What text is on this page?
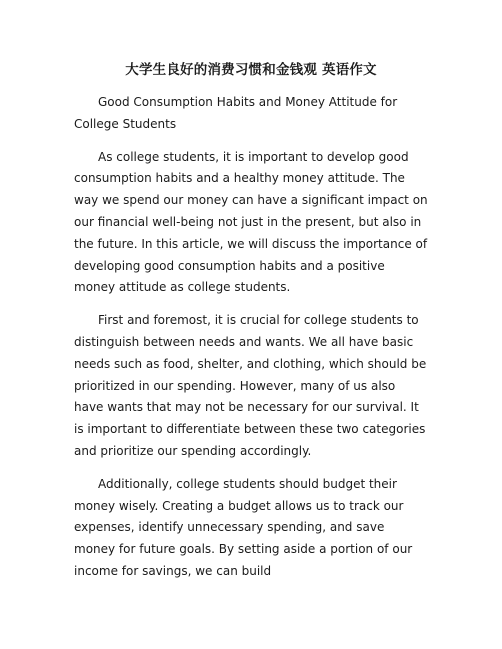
大学生良好的消费习惯和金钱观 英语作文

Good Consumption Habits and Money Attitude for College Students

As college students, it is important to develop good consumption habits and a healthy money attitude. The way we spend our money can have a significant impact on our financial well-being not just in the present, but also in the future. In this article, we will discuss the importance of developing good consumption habits and a positive money attitude as college students.

First and foremost, it is crucial for college students to distinguish between needs and wants. We all have basic needs such as food, shelter, and clothing, which should be prioritized in our spending. However, many of us also have wants that may not be necessary for our survival. It is important to differentiate between these two categories and prioritize our spending accordingly.

Additionally, college students should budget their money wisely. Creating a budget allows us to track our expenses, identify unnecessary spending, and save money for future goals. By setting aside a portion of our income for savings, we can build
